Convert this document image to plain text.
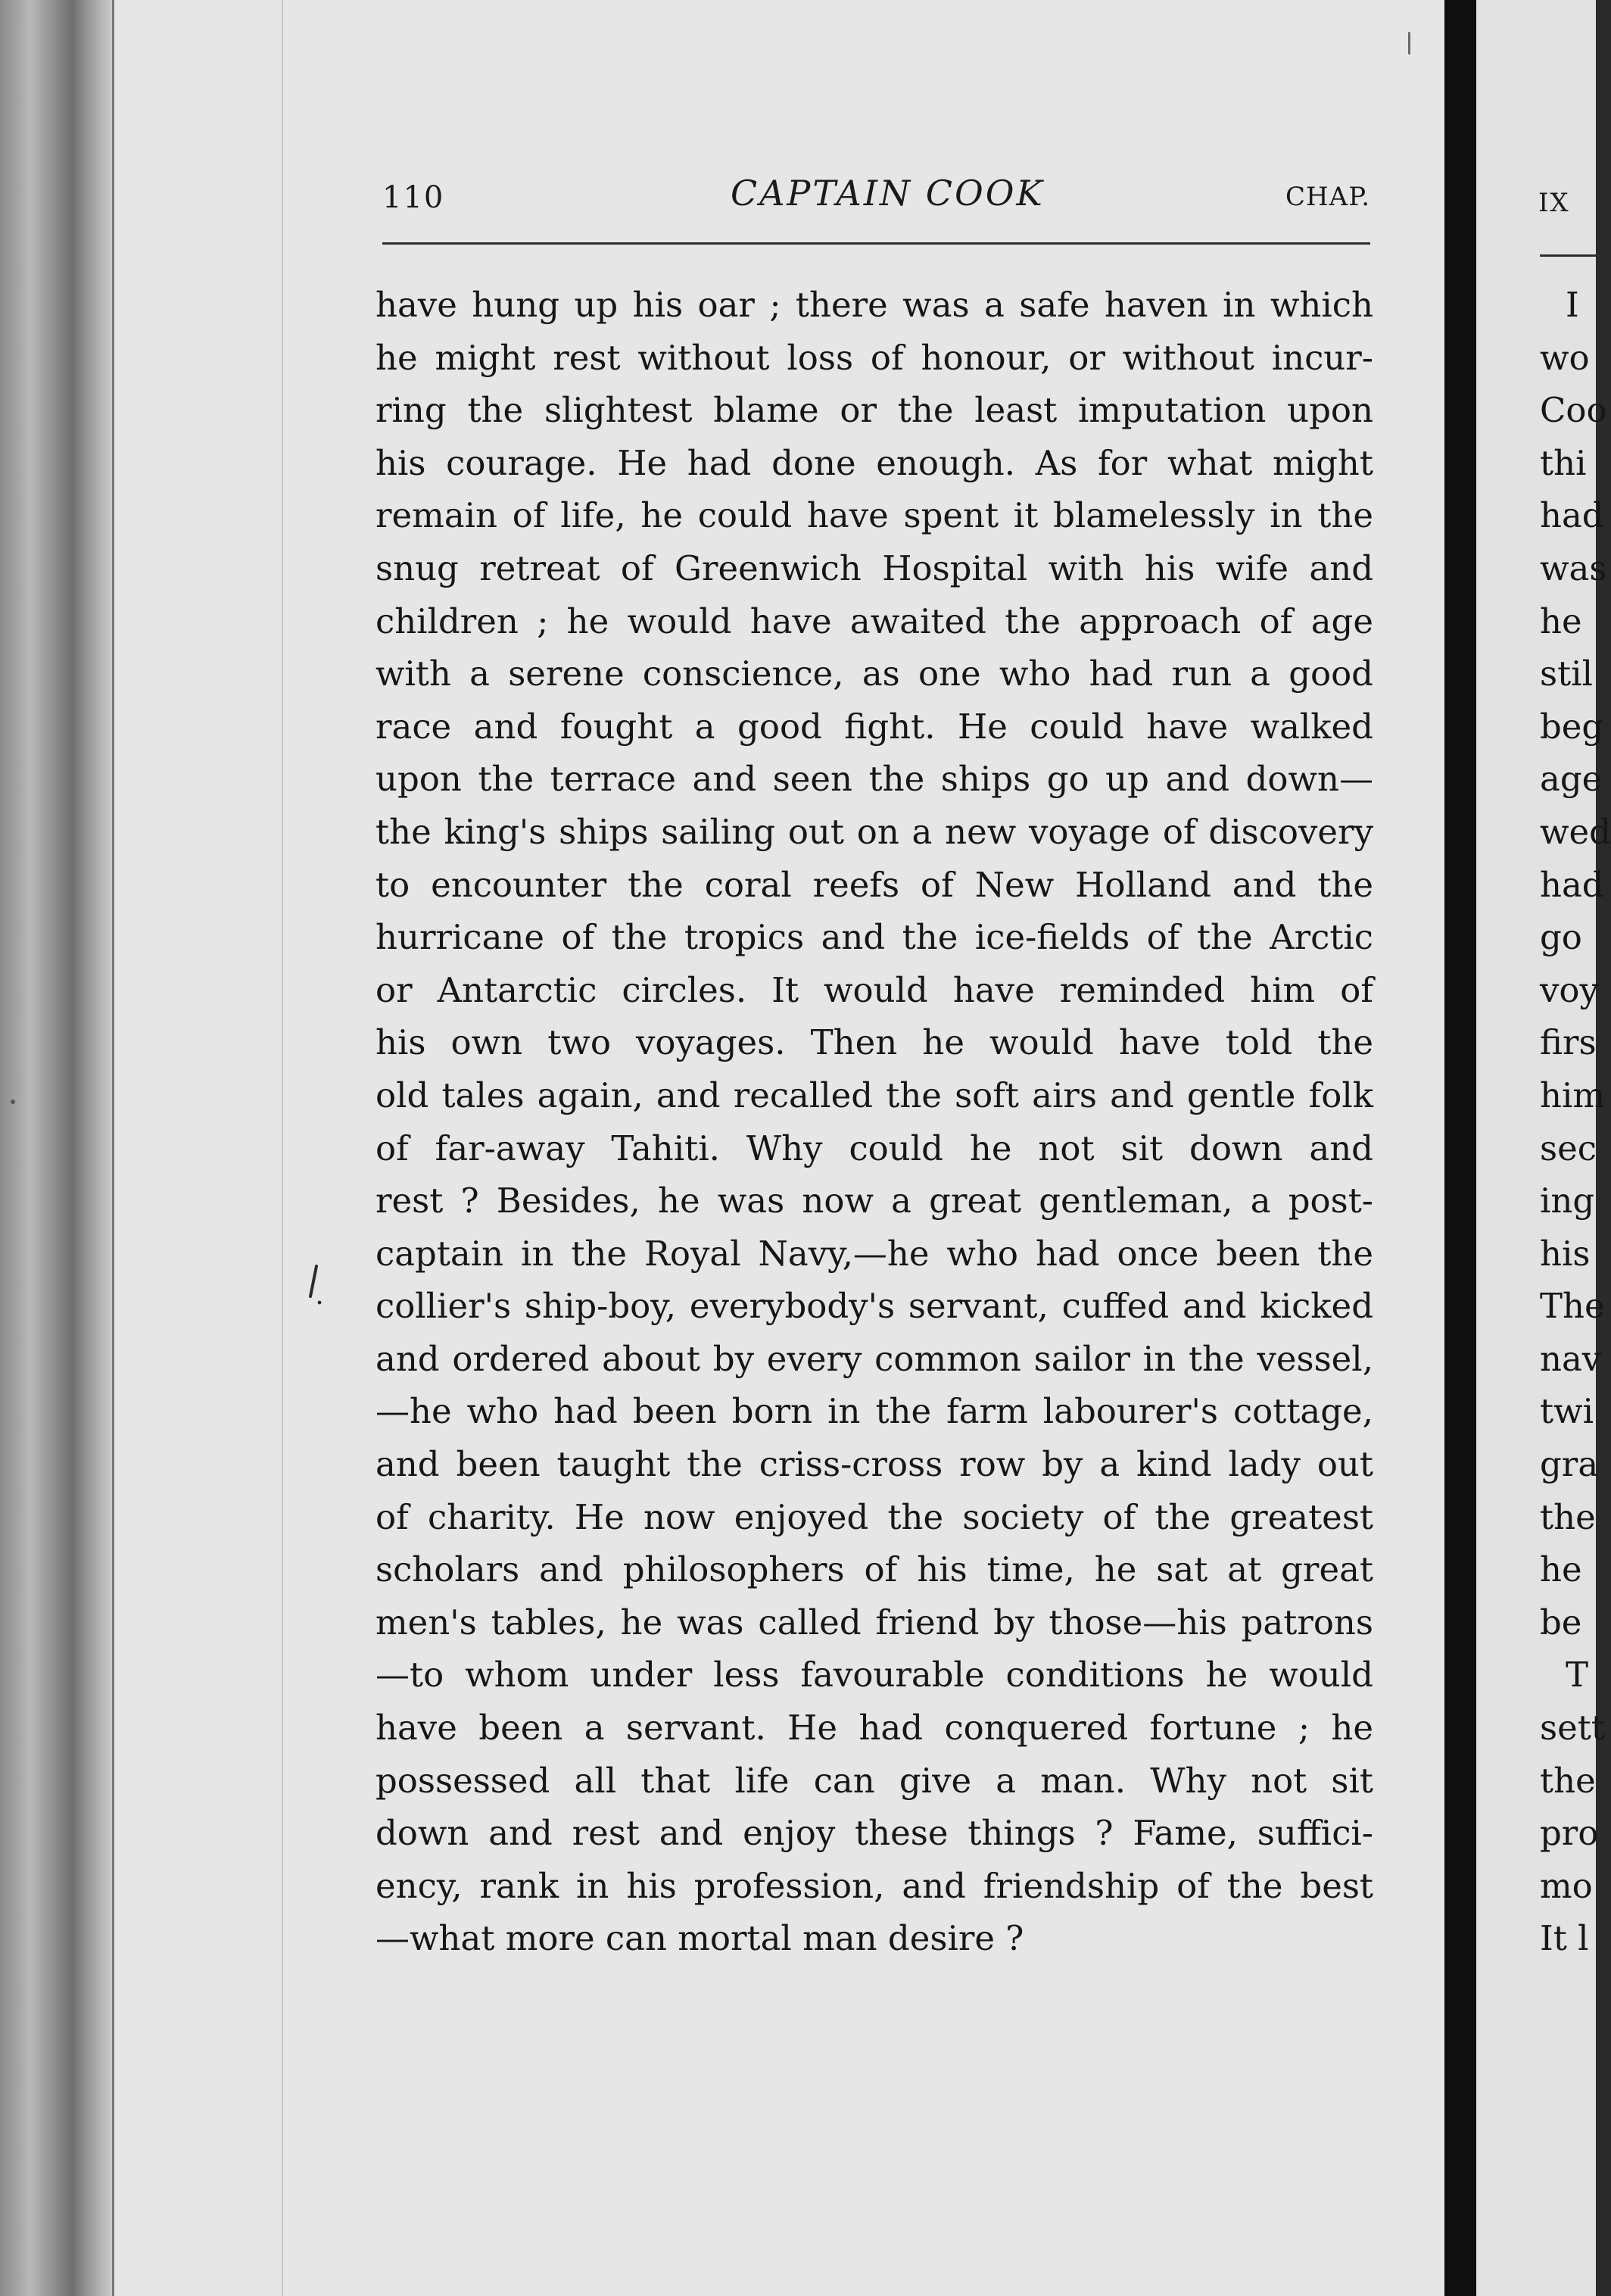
110	CAPTAIN COOK	CHAP.
have hung up his oar ; there was a safe haven in which
he might rest without loss of honour, or without incur-
ring the slightest blame or the least imputation upon
his courage. He had done enough. As for what might
remain of life, he could have spent it blamelessly in the
snug retreat of Greenwich Hospital with his wife and
children ; he would have awaited the approach of age
with a serene conscience, as one who had run a good
race and fought a good fight. He could have walked
upon the terrace and seen the ships go up and down—
the king's ships sailing out on a new voyage of discovery
to encounter the coral reefs of New Holland and the
hurricane of the tropics and the ice-fields of the Arctic
or Antarctic circles. It would have reminded him of
his own two voyages. Then he would have told the
old tales again, and recalled the soft airs and gentle folk
of far-away Tahiti. Why could he not sit down and
rest ? Besides, he was now a great gentleman, a post-
captain in the Royal Navy,—he who had once been the
collier's ship-boy, everybody's servant, cuffed and kicked
and ordered about by every common sailor in the vessel,
—he who had been born in the farm labourer's cottage,
and been taught the criss-cross row by a kind lady out
of charity. He now enjoyed the society of the greatest
scholars and philosophers of his time, he sat at great
men's tables, he was called friend by those—his patrons
—to whom under less favourable conditions he would
have been a servant. He had conquered fortune ; he
possessed all that life can give a man. Why not sit
down and rest and enjoy these things ? Fame, suffici-
ency, rank in his profession, and friendship of the best
—what more can mortal man desire ?
IX
I
wo
Coo
thi
had
was
he
stil
beg
age
wed
had
go
voy
firs
him
sec
ing
his
The
nav
twi
gra
the
he
be
T
sett
the
pro
mo
It l
